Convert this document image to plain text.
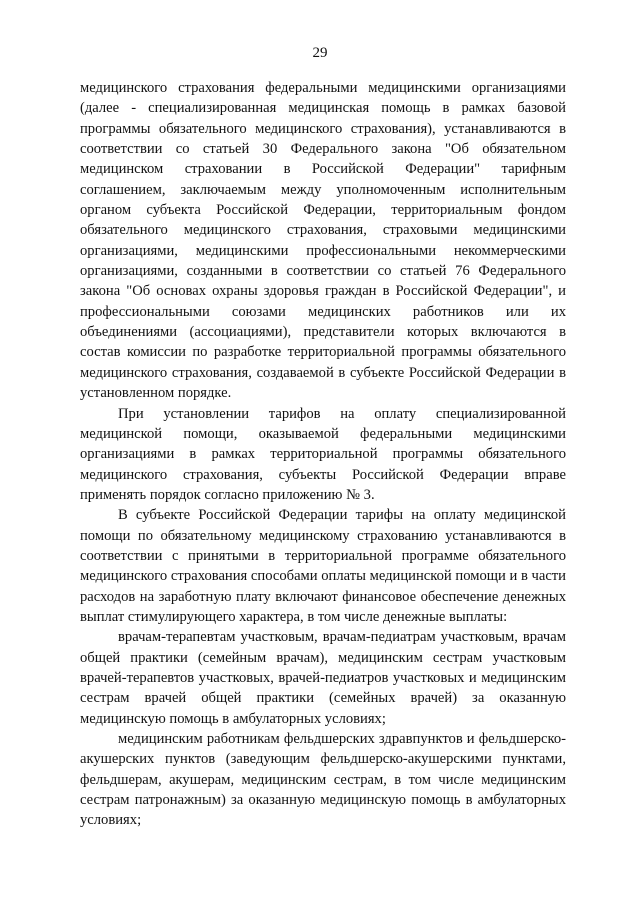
29

медицинского страхования федеральными медицинскими организациями (далее - специализированная медицинская помощь в рамках базовой программы обязательного медицинского страхования), устанавливаются в соответствии со статьей 30 Федерального закона "Об обязательном медицинском страховании в Российской Федерации" тарифным соглашением, заключаемым между уполномоченным исполнительным органом субъекта Российской Федерации, территориальным фондом обязательного медицинского страхования, страховыми медицинскими организациями, медицинскими профессиональными некоммерческими организациями, созданными в соответствии со статьей 76 Федерального закона "Об основах охраны здоровья граждан в Российской Федерации", и профессиональными союзами медицинских работников или их объединениями (ассоциациями), представители которых включаются в состав комиссии по разработке территориальной программы обязательного медицинского страхования, создаваемой в субъекте Российской Федерации в установленном порядке.

При установлении тарифов на оплату специализированной медицинской помощи, оказываемой федеральными медицинскими организациями в рамках территориальной программы обязательного медицинского страхования, субъекты Российской Федерации вправе применять порядок согласно приложению № 3.

В субъекте Российской Федерации тарифы на оплату медицинской помощи по обязательному медицинскому страхованию устанавливаются в соответствии с принятыми в территориальной программе обязательного медицинского страхования способами оплаты медицинской помощи и в части расходов на заработную плату включают финансовое обеспечение денежных выплат стимулирующего характера, в том числе денежные выплаты:

врачам-терапевтам участковым, врачам-педиатрам участковым, врачам общей практики (семейным врачам), медицинским сестрам участковым врачей-терапевтов участковых, врачей-педиатров участковых и медицинским сестрам врачей общей практики (семейных врачей) за оказанную медицинскую помощь в амбулаторных условиях;

медицинским работникам фельдшерских здравпунктов и фельдшерско-акушерских пунктов (заведующим фельдшерско-акушерскими пунктами, фельдшерам, акушерам, медицинским сестрам, в том числе медицинским сестрам патронажным) за оказанную медицинскую помощь в амбулаторных условиях;
